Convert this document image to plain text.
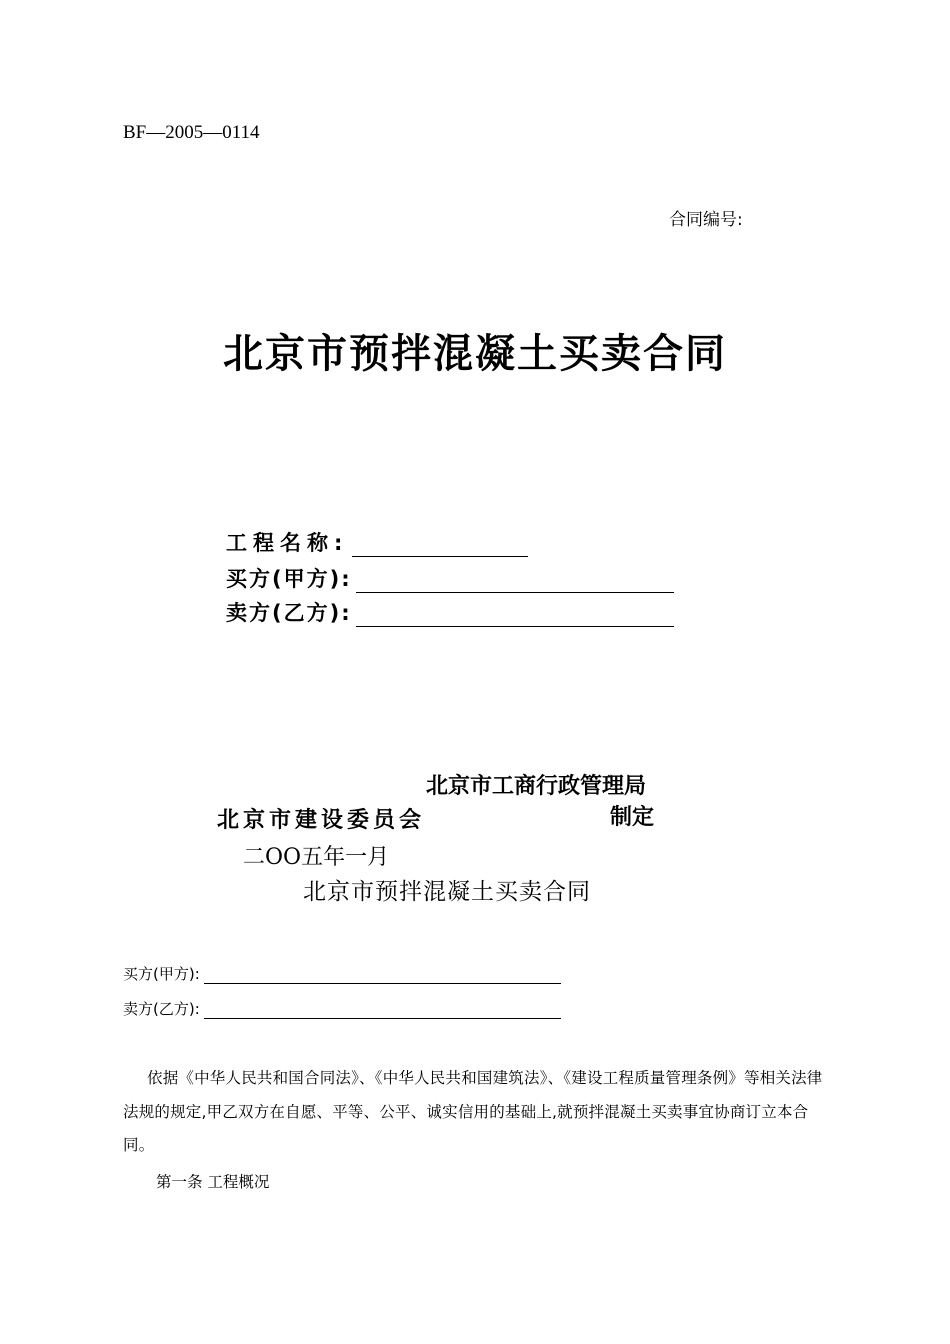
BF—2005—0114
合同编号:
北京市预拌混凝土买卖合同
工程名称:
买方(甲方):
卖方(乙方):
北京市工商行政管理局
北京市建设委员会	制定
二OO五年一月
北京市预拌混凝土买卖合同
买方(甲方):
卖方(乙方):
依据《中华人民共和国合同法》、《中华人民共和国建筑法》、《建设工程质量管理条例》等相关法律法规的规定,甲乙双方在自愿、平等、公平、诚实信用的基础上,就预拌混凝土买卖事宜协商订立本合同。
第一条 工程概况
